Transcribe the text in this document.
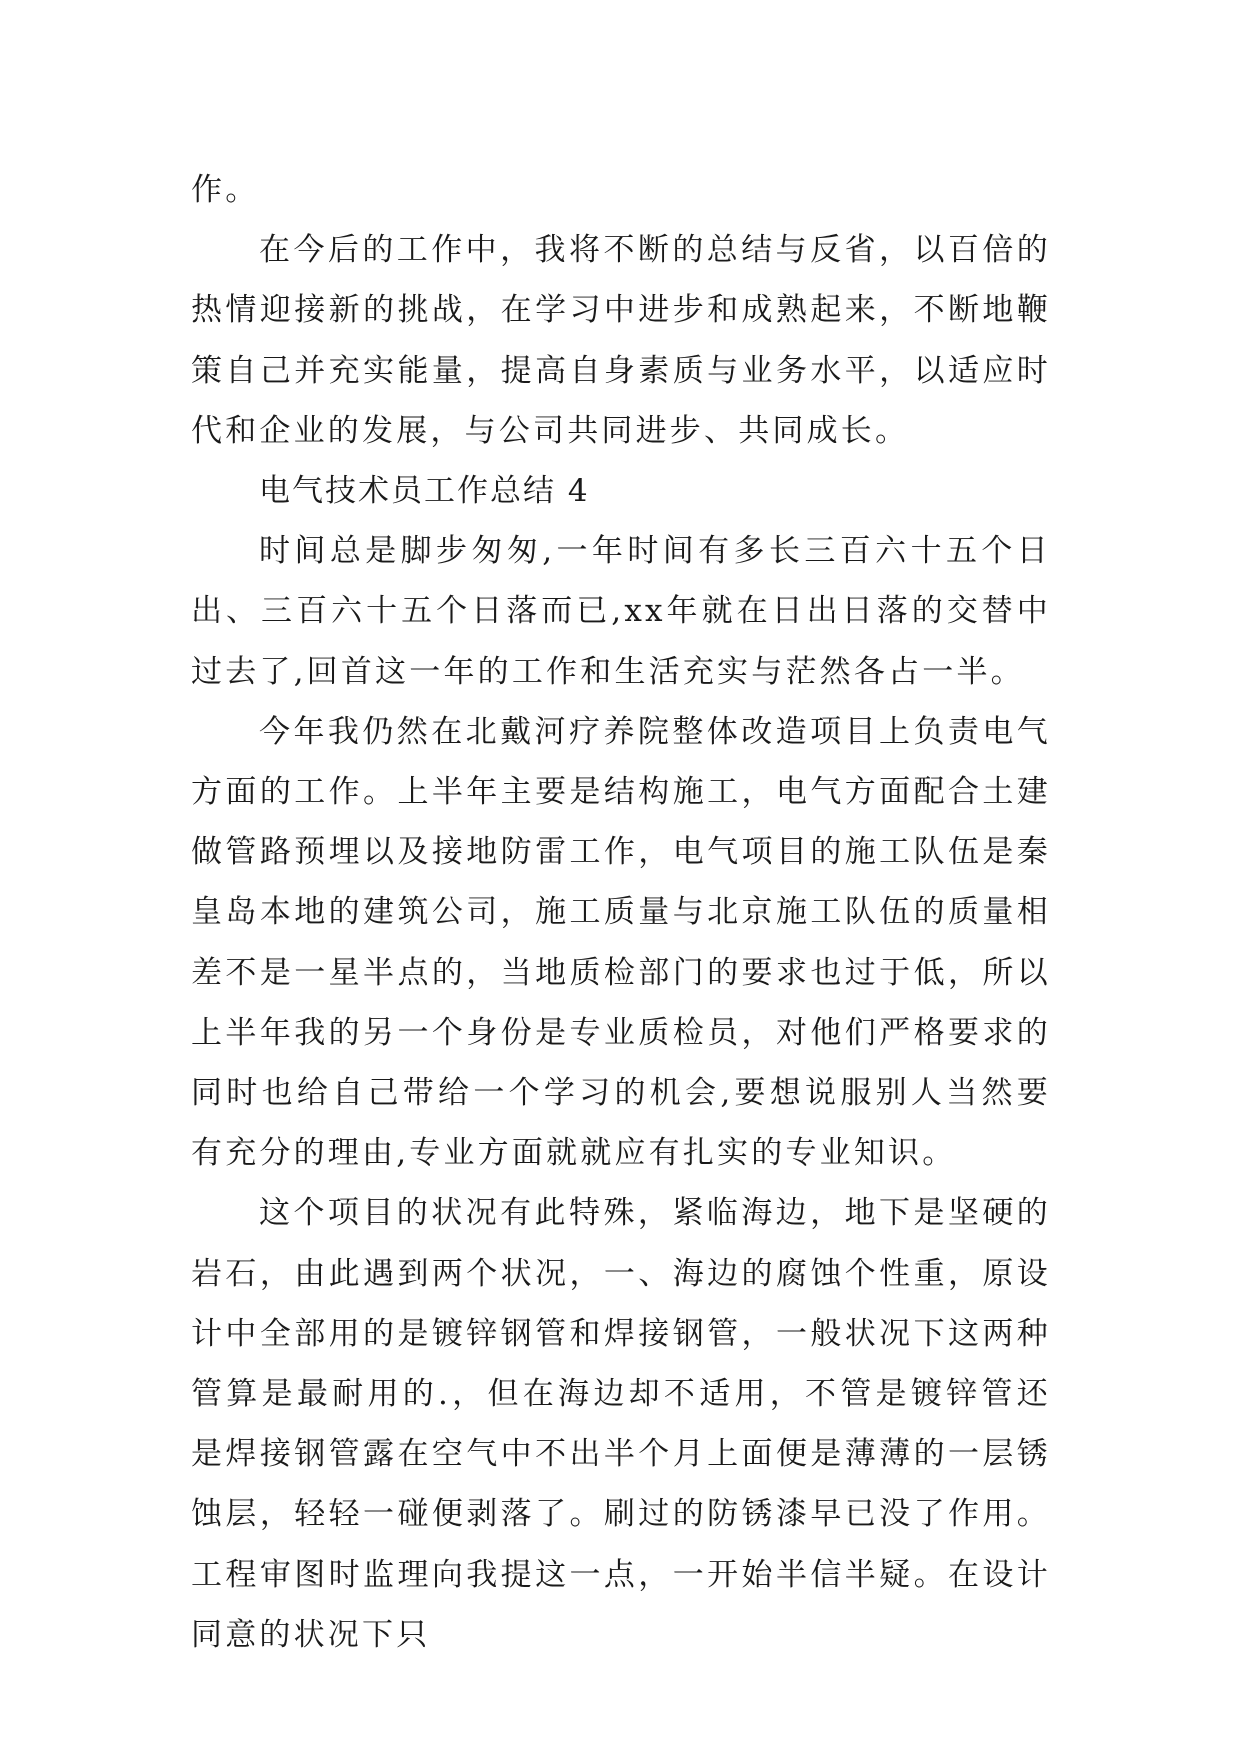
作。

在今后的工作中，我将不断的总结与反省，以百倍的热情迎接新的挑战，在学习中进步和成熟起来，不断地鞭策自己并充实能量，提高自身素质与业务水平，以适应时代和企业的发展，与公司共同进步、共同成长。

电气技术员工作总结 4

时间总是脚步匆匆,一年时间有多长三百六十五个日出、三百六十五个日落而已,xx年就在日出日落的交替中过去了,回首这一年的工作和生活充实与茫然各占一半。

今年我仍然在北戴河疗养院整体改造项目上负责电气方面的工作。上半年主要是结构施工，电气方面配合土建做管路预埋以及接地防雷工作，电气项目的施工队伍是秦皇岛本地的建筑公司，施工质量与北京施工队伍的质量相差不是一星半点的，当地质检部门的要求也过于低，所以上半年我的另一个身份是专业质检员，对他们严格要求的同时也给自己带给一个学习的机会,要想说服别人当然要有充分的理由,专业方面就就应有扎实的专业知识。

这个项目的状况有此特殊，紧临海边，地下是坚硬的岩石，由此遇到两个状况，一、海边的腐蚀个性重，原设计中全部用的是镀锌钢管和焊接钢管，一般状况下这两种管算是最耐用的.，但在海边却不适用，不管是镀锌管还是焊接钢管露在空气中不出半个月上面便是薄薄的一层锈蚀层，轻轻一碰便剥落了。刷过的防锈漆早已没了作用。工程审图时监理向我提这一点，一开始半信半疑。在设计同意的状况下只
